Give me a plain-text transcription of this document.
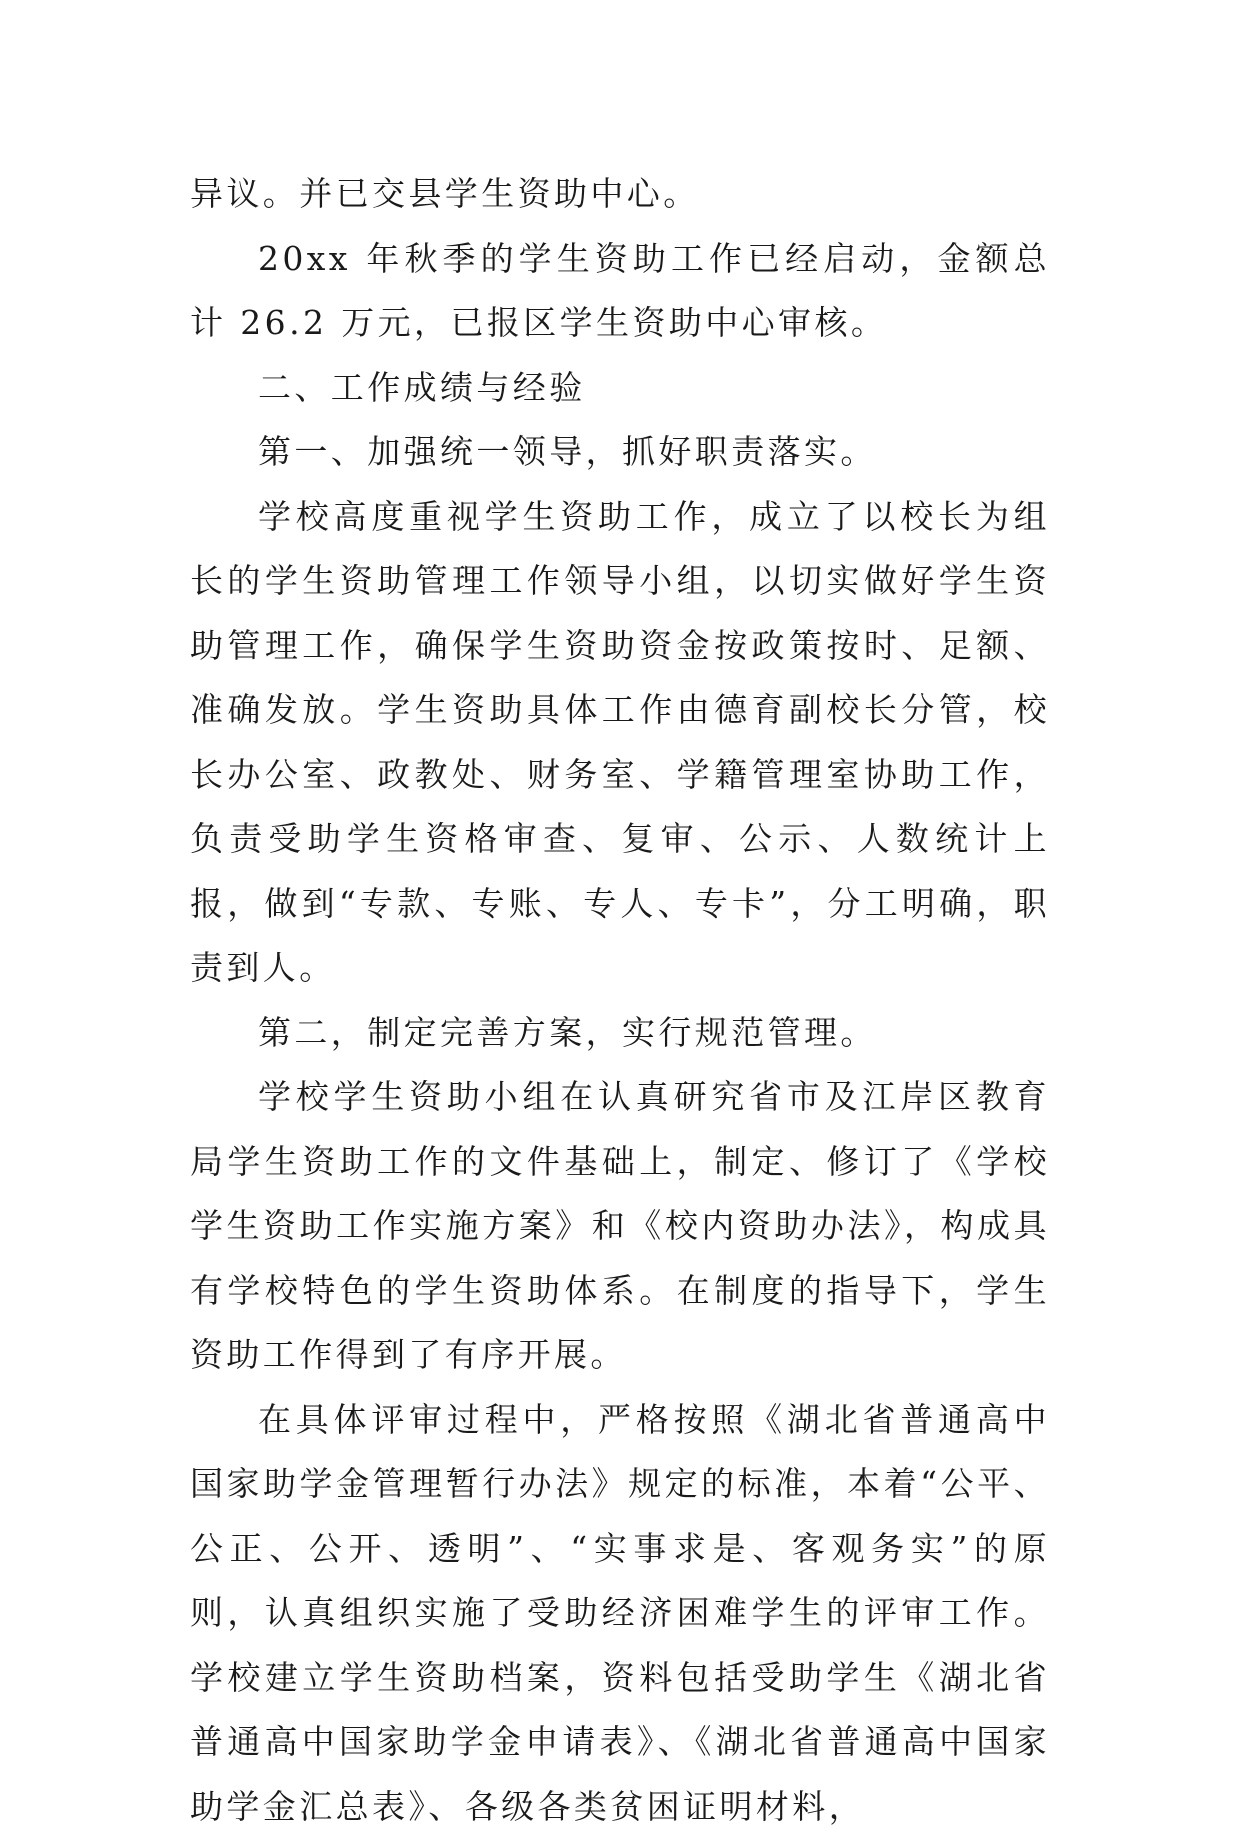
异议。并已交县学生资助中心。

20xx 年秋季的学生资助工作已经启动，金额总计 26.2 万元，已报区学生资助中心审核。

二、工作成绩与经验

第一、加强统一领导，抓好职责落实。

学校高度重视学生资助工作，成立了以校长为组长的学生资助管理工作领导小组，以切实做好学生资助管理工作，确保学生资助资金按政策按时、足额、准确发放。学生资助具体工作由德育副校长分管，校长办公室、政教处、财务室、学籍管理室协助工作，负责受助学生资格审查、复审、公示、人数统计上报，做到“专款、专账、专人、专卡”，分工明确，职责到人。

第二，制定完善方案，实行规范管理。

学校学生资助小组在认真研究省市及江岸区教育局学生资助工作的文件基础上，制定、修订了《学校学生资助工作实施方案》和《校内资助办法》，构成具有学校特色的学生资助体系。在制度的指导下，学生资助工作得到了有序开展。

在具体评审过程中，严格按照《湖北省普通高中国家助学金管理暂行办法》规定的标准，本着“公平、公正、公开、透明”、“实事求是、客观务实”的原则，认真组织实施了受助经济困难学生的评审工作。学校建立学生资助档案，资料包括受助学生《湖北省普通高中国家助学金申请表》、《湖北省普通高中国家助学金汇总表》、各级各类贫困证明材料，
